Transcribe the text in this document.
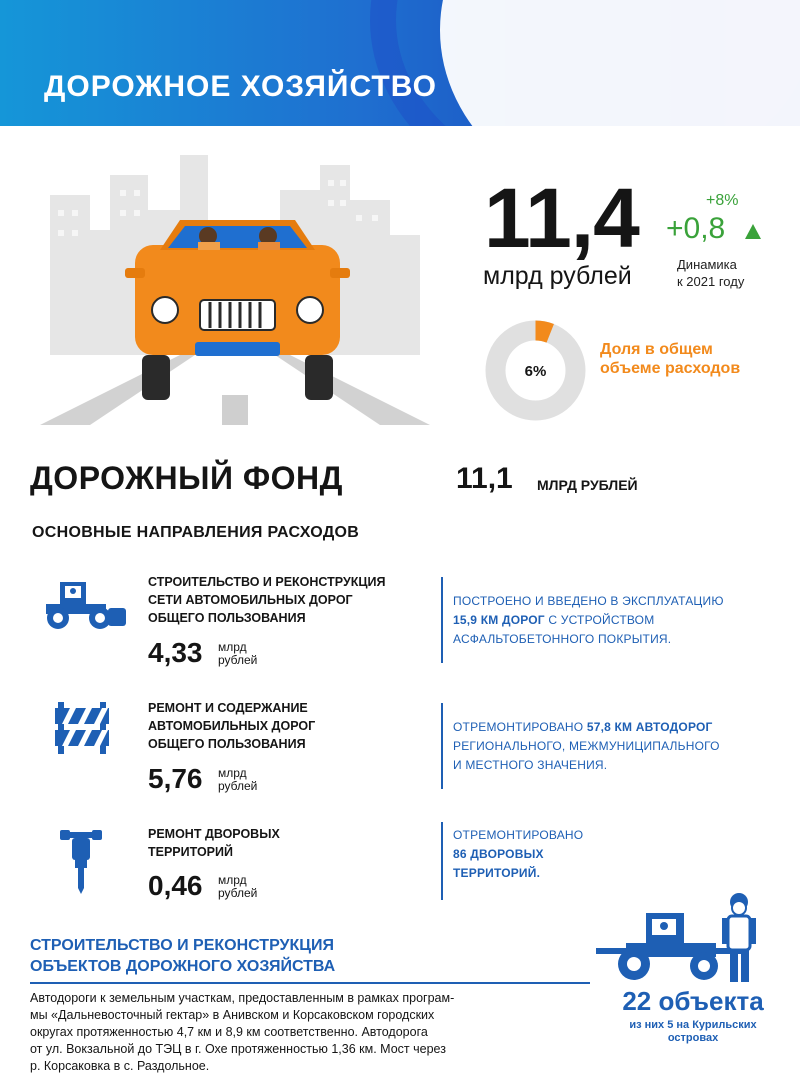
ДОРОЖНОЕ ХОЗЯЙСТВО
11,4
млрд рублей
+8%
+0,8
Динамика
к 2021 году
6%
Доля в общем
объеме расходов
ДОРОЖНЫЙ ФОНД	11,1 МЛРД РУБЛЕЙ
ОСНОВНЫЕ НАПРАВЛЕНИЯ РАСХОДОВ
СТРОИТЕЛЬСТВО И РЕКОНСТРУКЦИЯ
СЕТИ АВТОМОБИЛЬНЫХ ДОРОГ
ОБЩЕГО ПОЛЬЗОВАНИЯ
4,33 млрд
рублей
ПОСТРОЕНО И ВВЕДЕНО В ЭКСПЛУАТАЦИЮ
15,9 КМ ДОРОГ С УСТРОЙСТВОМ
АСФАЛЬТОБЕТОННОГО ПОКРЫТИЯ.
РЕМОНТ И СОДЕРЖАНИЕ
АВТОМОБИЛЬНЫХ ДОРОГ
ОБЩЕГО ПОЛЬЗОВАНИЯ
5,76 млрд
рублей
ОТРЕМОНТИРОВАНО 57,8 КМ АВТОДОРОГ
РЕГИОНАЛЬНОГО, МЕЖМУНИЦИПАЛЬНОГО
И МЕСТНОГО ЗНАЧЕНИЯ.
РЕМОНТ ДВОРОВЫХ
ТЕРРИТОРИЙ
0,46 млрд
рублей
ОТРЕМОНТИРОВАНО
86 ДВОРОВЫХ
ТЕРРИТОРИЙ.
СТРОИТЕЛЬСТВО И РЕКОНСТРУКЦИЯ
ОБЪЕКТОВ ДОРОЖНОГО ХОЗЯЙСТВА
Автодороги к земельным участкам, предоставленным в рамках програм-
мы «Дальневосточный гектар» в Анивском и Корсаковском городских
округах протяженностью 4,7 км и 8,9 км соответственно. Автодорога
от ул. Вокзальной до ТЭЦ в г. Охе протяженностью 1,36 км. Мост через
р. Корсаковка в с. Раздольное.
22 объекта
из них 5 на Курильских
островах
